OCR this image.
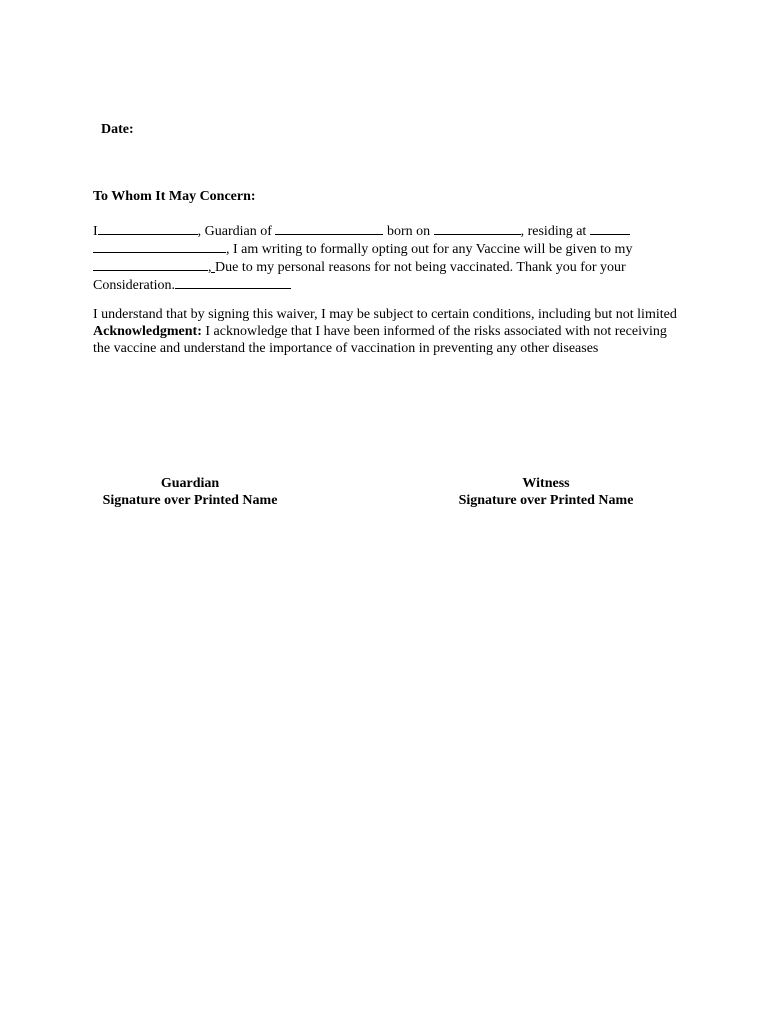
Date:

To Whom It May Concern:

I	, Guardian of	born on	, residing at  , I am writing to formally opting out for any Vaccine will be given to my , Due to my personal reasons for not being vaccinated. Thank you for your Consideration.

I understand that by signing this waiver, I may be subject to certain conditions, including but not limited Acknowledgment: I acknowledge that I have been informed of the risks associated with not receiving the vaccine and understand the importance of vaccination in preventing any other diseases

Guardian
Signature over Printed Name
Witness
Signature over Printed Name
